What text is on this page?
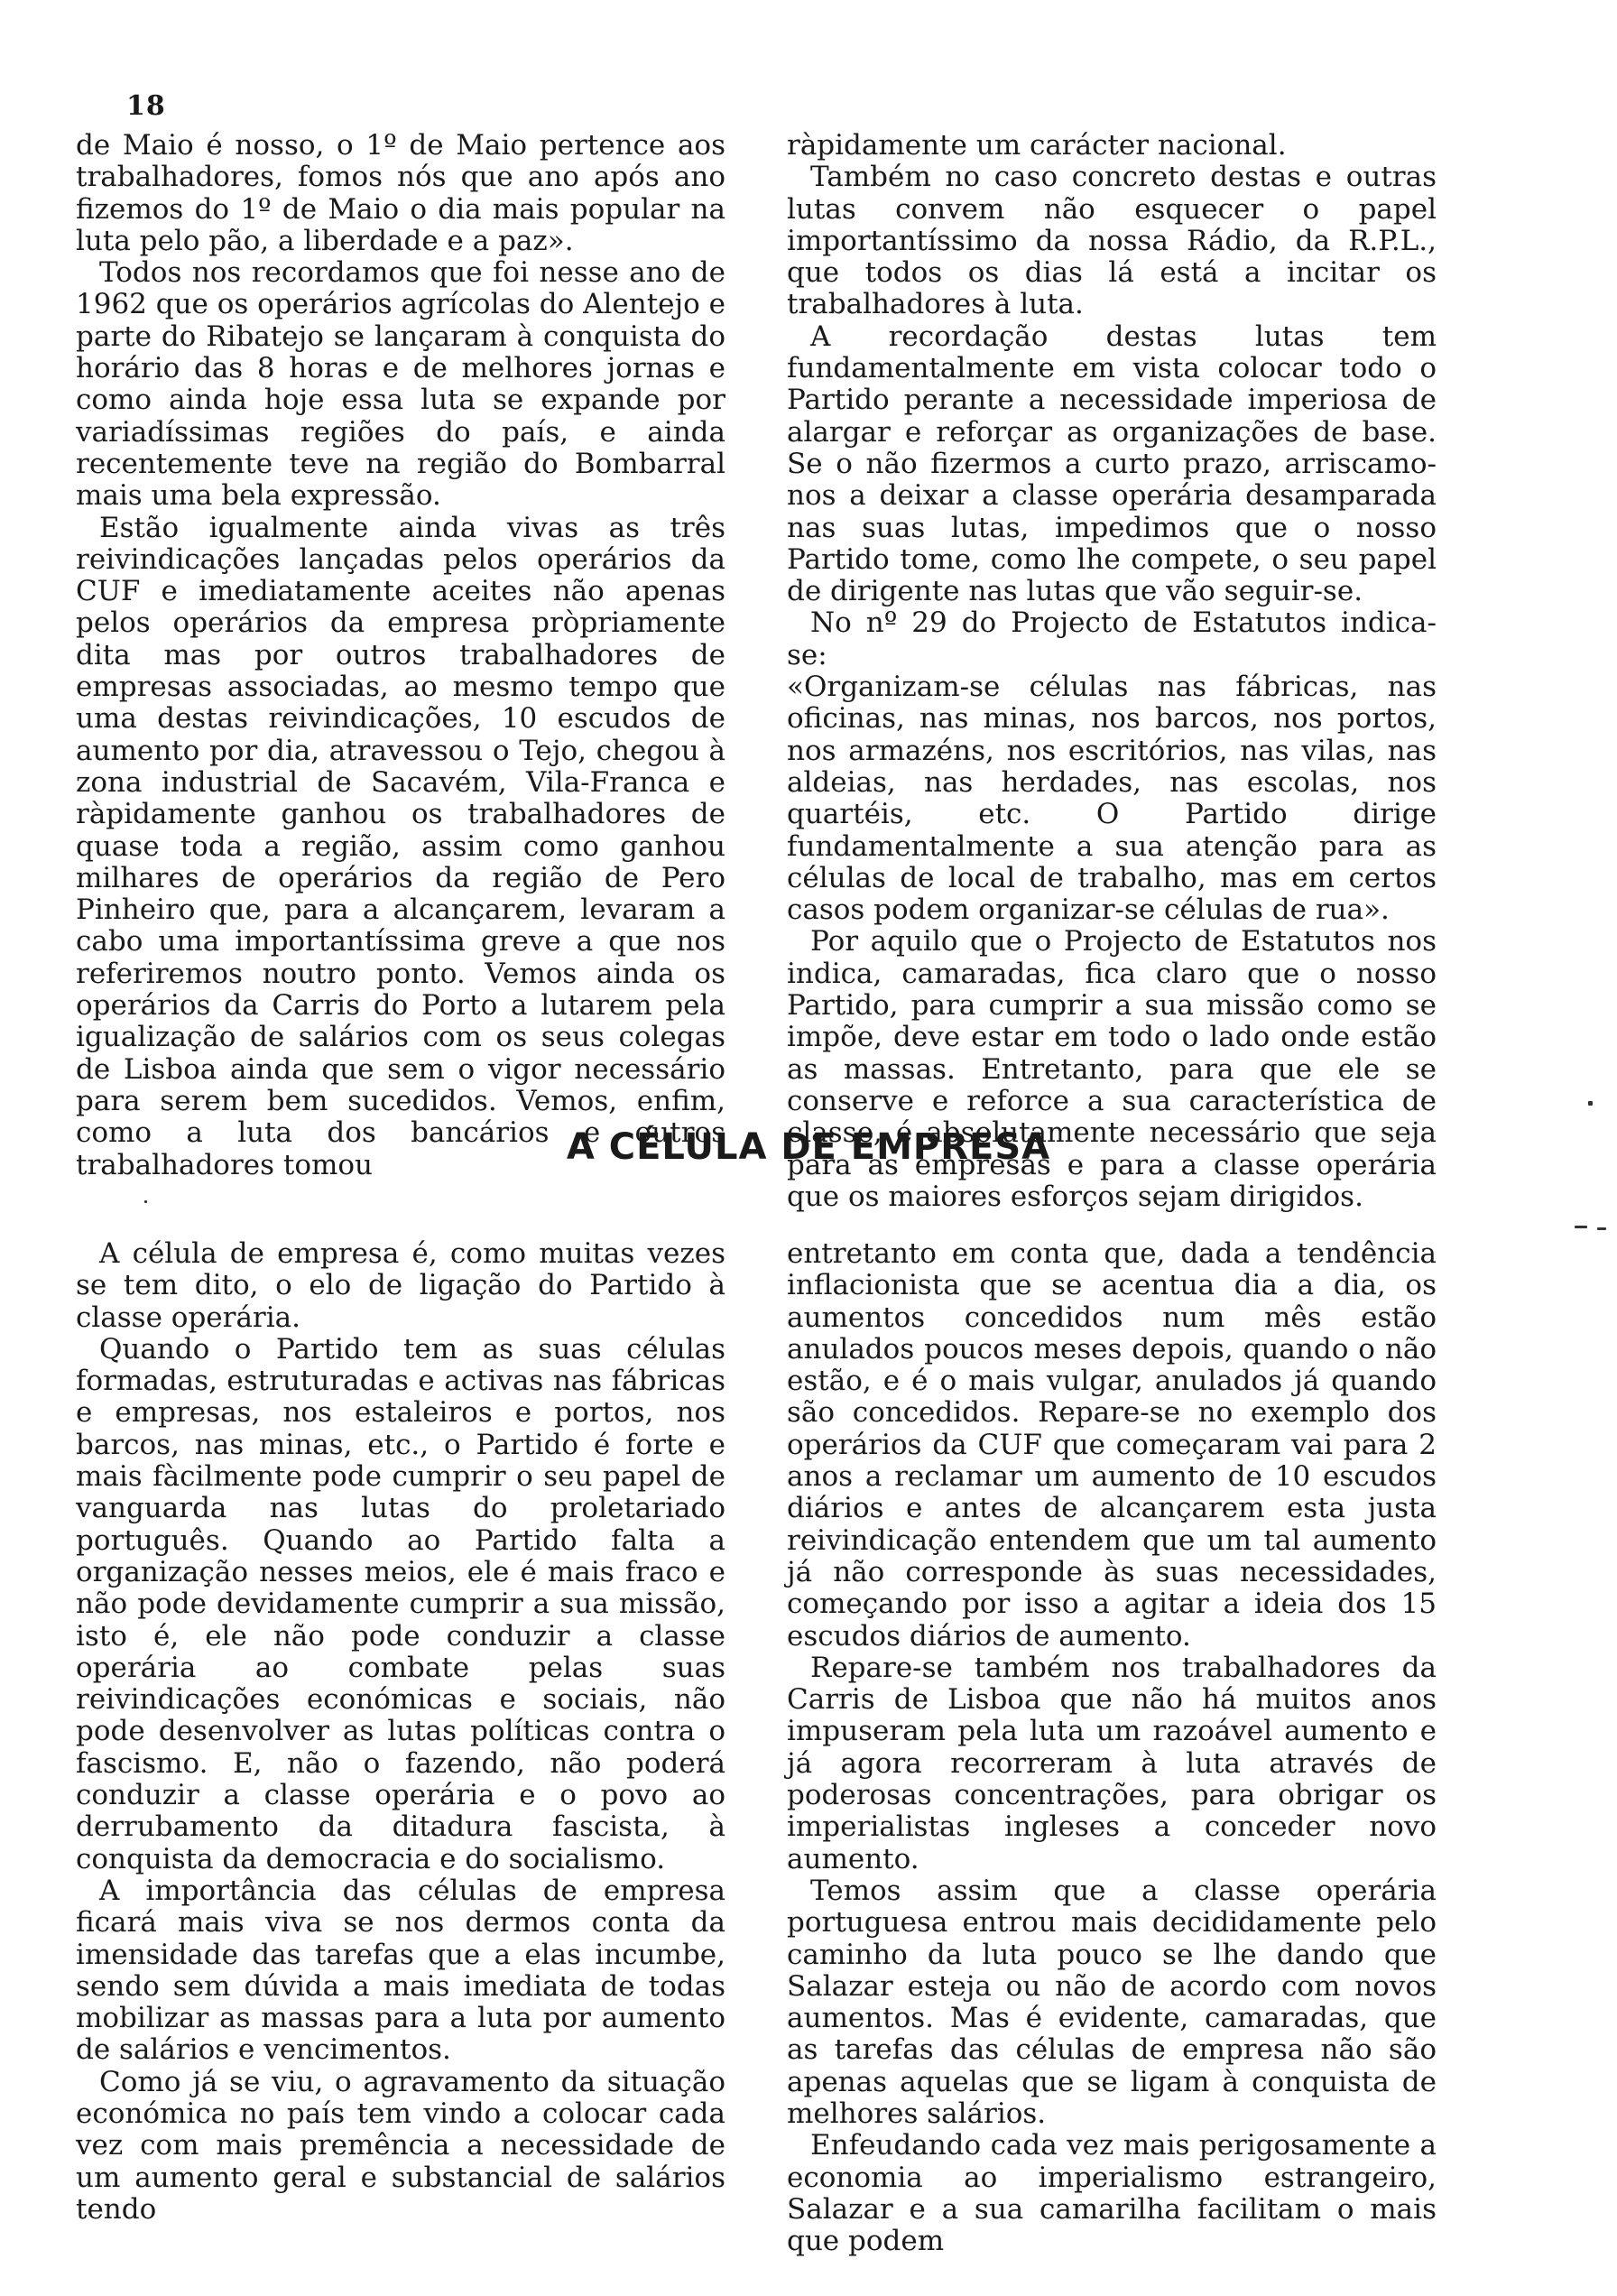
18

de Maio é nosso, o 1º de Maio pertence aos trabalhadores, fomos nós que ano após ano fizemos do 1º de Maio o dia mais popular na luta pelo pão, a liberdade e a paz».

Todos nos recordamos que foi nesse ano de 1962 que os operários agrícolas do Alentejo e parte do Ribatejo se lançaram à conquista do horário das 8 horas e de melhores jornas e como ainda hoje essa luta se expande por variadíssimas regiões do país, e ainda recentemente teve na região do Bombarral mais uma bela expressão.

Estão igualmente ainda vivas as três reivindicações lançadas pelos operários da CUF e imediatamente aceites não apenas pelos operários da empresa pròpriamente dita mas por outros trabalhadores de empresas associadas, ao mesmo tempo que uma destas reivindicações, 10 escudos de aumento por dia, atravessou o Tejo, chegou à zona industrial de Sacavém, Vila-Franca e ràpidamente ganhou os trabalhadores de quase toda a região, assim como ganhou milhares de operários da região de Pero Pinheiro que, para a alcançarem, levaram a cabo uma importantíssima greve a que nos referiremos noutro ponto. Vemos ainda os operários da Carris do Porto a lutarem pela igualização de salários com os seus colegas de Lisboa ainda que sem o vigor necessário para serem bem sucedidos. Vemos, enfim, como a luta dos bancários e outros trabalhadores tomou

ràpidamente um carácter nacional.

Também no caso concreto destas e outras lutas convem não esquecer o papel importantíssimo da nossa Rádio, da R.P.L., que todos os dias lá está a incitar os trabalhadores à luta.

A recordação destas lutas tem fundamentalmente em vista colocar todo o Partido perante a necessidade imperiosa de alargar e reforçar as organizações de base. Se o não fizermos a curto prazo, arriscamo-nos a deixar a classe operária desamparada nas suas lutas, impedimos que o nosso Partido tome, como lhe compete, o seu papel de dirigente nas lutas que vão seguir-se.

No nº 29 do Projecto de Estatutos indica-se:

«Organizam-se células nas fábricas, nas oficinas, nas minas, nos barcos, nos portos, nos armazéns, nos escritórios, nas vilas, nas aldeias, nas herdades, nas escolas, nos quartéis, etc. O Partido dirige fundamentalmente a sua atenção para as células de local de trabalho, mas em certos casos podem organizar-se células de rua».

Por aquilo que o Projecto de Estatutos nos indica, camaradas, fica claro que o nosso Partido, para cumprir a sua missão como se impõe, deve estar em todo o lado onde estão as massas. Entretanto, para que ele se conserve e reforce a sua característica de classe, é absolutamente necessário que seja para as empresas e para a classe operária que os maiores esforços sejam dirigidos.

A CÉLULA DE EMPRESA

A célula de empresa é, como muitas vezes se tem dito, o elo de ligação do Partido à classe operária.

Quando o Partido tem as suas células formadas, estruturadas e activas nas fábricas e empresas, nos estaleiros e portos, nos barcos, nas minas, etc., o Partido é forte e mais fàcilmente pode cumprir o seu papel de vanguarda nas lutas do proletariado português. Quando ao Partido falta a organização nesses meios, ele é mais fraco e não pode devidamente cumprir a sua missão, isto é, ele não pode conduzir a classe operária ao combate pelas suas reivindicações económicas e sociais, não pode desenvolver as lutas políticas contra o fascismo. E, não o fazendo, não poderá conduzir a classe operária e o povo ao derrubamento da ditadura fascista, à conquista da democracia e do socialismo.

A importância das células de empresa ficará mais viva se nos dermos conta da imensidade das tarefas que a elas incumbe, sendo sem dúvida a mais imediata de todas mobilizar as massas para a luta por aumento de salários e vencimentos.

Como já se viu, o agravamento da situação económica no país tem vindo a colocar cada vez com mais premência a necessidade de um aumento geral e substancial de salários tendo

entretanto em conta que, dada a tendência inflacionista que se acentua dia a dia, os aumentos concedidos num mês estão anulados poucos meses depois, quando o não estão, e é o mais vulgar, anulados já quando são concedidos. Repare-se no exemplo dos operários da CUF que começaram vai para 2 anos a reclamar um aumento de 10 escudos diários e antes de alcançarem esta justa reivindicação entendem que um tal aumento já não corresponde às suas necessidades, começando por isso a agitar a ideia dos 15 escudos diários de aumento.

Repare-se também nos trabalhadores da Carris de Lisboa que não há muitos anos impuseram pela luta um razoável aumento e já agora recorreram à luta através de poderosas concentrações, para obrigar os imperialistas ingleses a conceder novo aumento.

Temos assim que a classe operária portuguesa entrou mais decididamente pelo caminho da luta pouco se lhe dando que Salazar esteja ou não de acordo com novos aumentos. Mas é evidente, camaradas, que as tarefas das células de empresa não são apenas aquelas que se ligam à conquista de melhores salários.

Enfeudando cada vez mais perigosamente a economia ao imperialismo estrangeiro, Salazar e a sua camarilha facilitam o mais que podem
